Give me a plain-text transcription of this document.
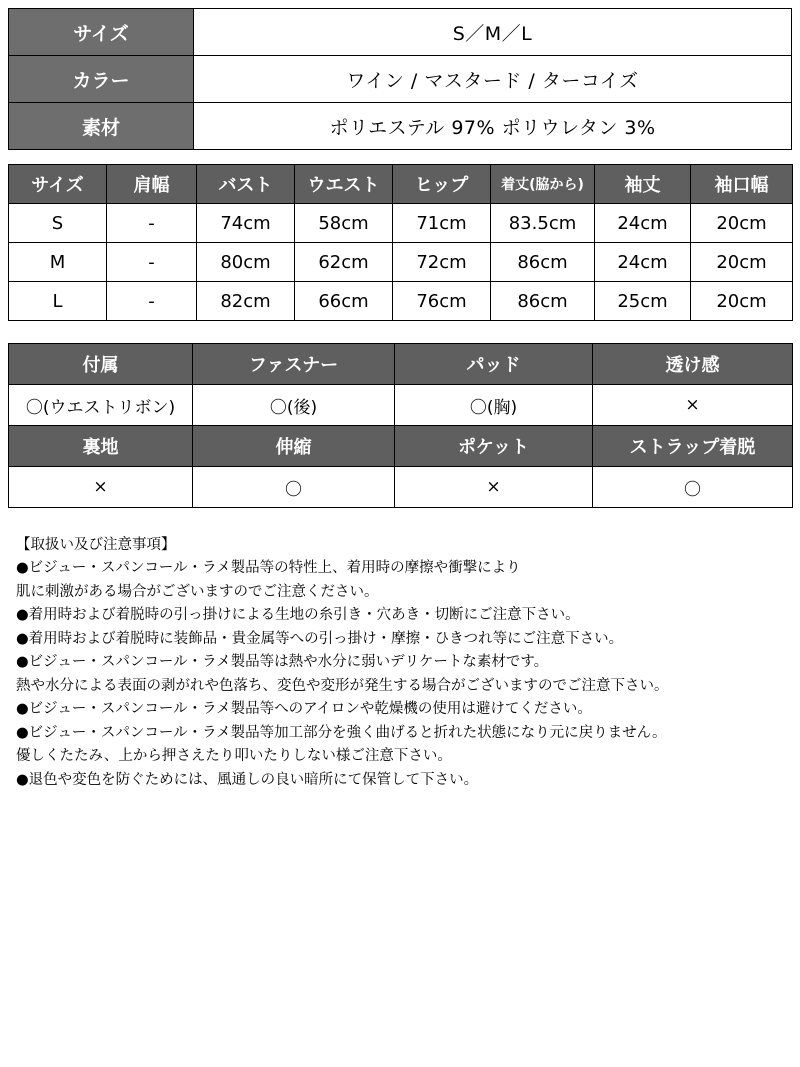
サイズ	S／M／L
カラー	ワイン / マスタード / ターコイズ
素材	ポリエステル 97% ポリウレタン 3%
サイズ	肩幅	バスト	ウエスト	ヒップ	着丈(脇から)	袖丈	袖口幅
S	-	74cm	58cm	71cm	83.5cm	24cm	20cm
M	-	80cm	62cm	72cm	86cm	24cm	20cm
L	-	82cm	66cm	76cm	86cm	25cm	20cm
付属	ファスナー	パッド	透け感
〇(ウエストリボン)	〇(後)	〇(胸)	×
裏地	伸縮	ポケット	ストラップ着脱
×	〇	×	〇
【取扱い及び注意事項】
●ビジュー・スパンコール・ラメ製品等の特性上、着用時の摩擦や衝撃により
肌に刺激がある場合がございますのでご注意ください。
●着用時および着脱時の引っ掛けによる生地の糸引き・穴あき・切断にご注意下さい。
●着用時および着脱時に装飾品・貴金属等への引っ掛け・摩擦・ひきつれ等にご注意下さい。
●ビジュー・スパンコール・ラメ製品等は熱や水分に弱いデリケートな素材です。
熱や水分による表面の剥がれや色落ち、変色や変形が発生する場合がございますのでご注意下さい。
●ビジュー・スパンコール・ラメ製品等へのアイロンや乾燥機の使用は避けてください。
●ビジュー・スパンコール・ラメ製品等加工部分を強く曲げると折れた状態になり元に戻りません。
優しくたたみ、上から押さえたり叩いたりしない様ご注意下さい。
●退色や変色を防ぐためには、風通しの良い暗所にて保管して下さい。
